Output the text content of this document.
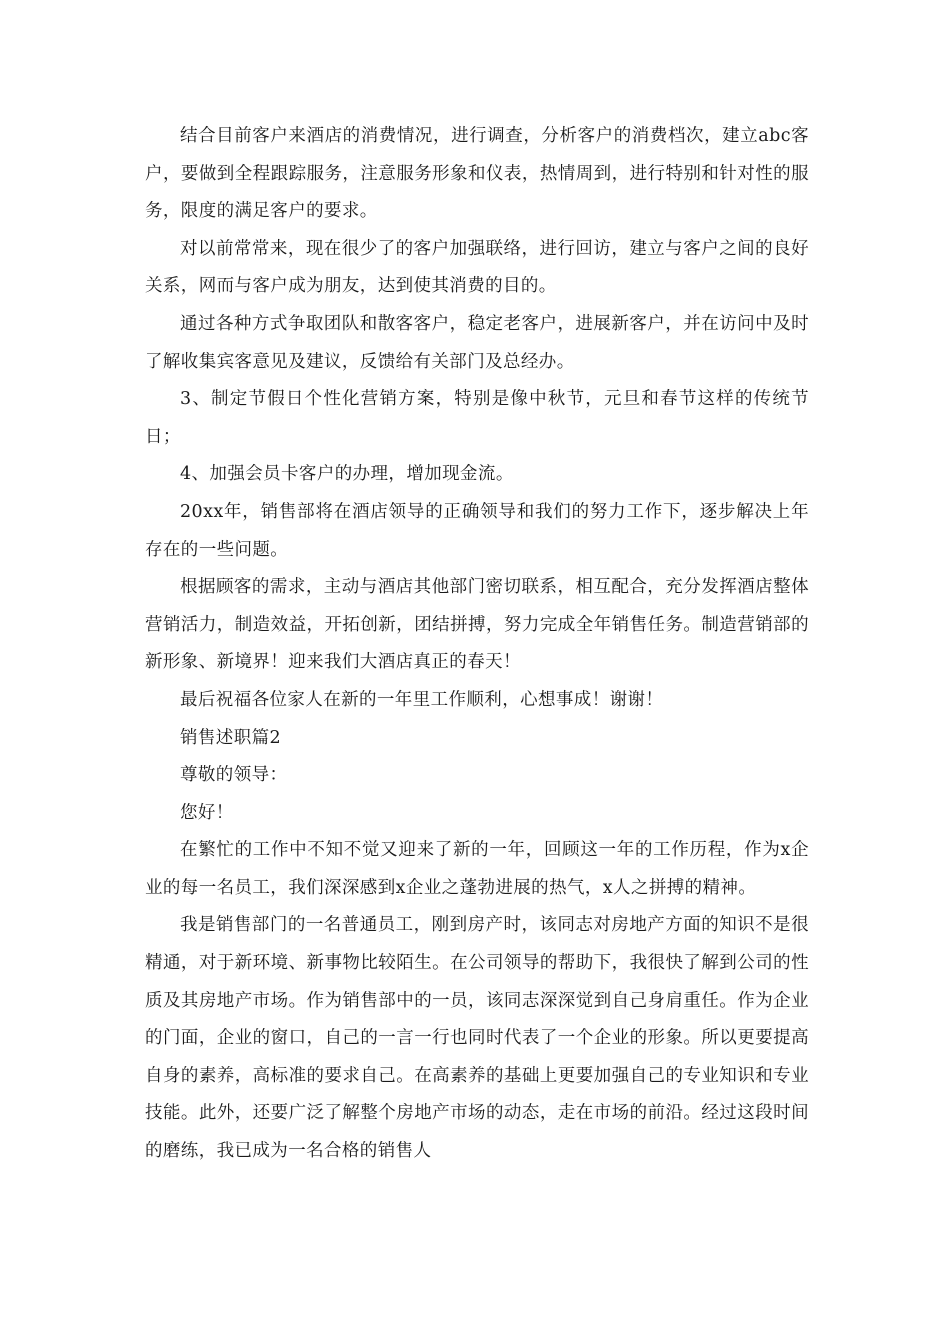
结合目前客户来酒店的消费情况，进行调查，分析客户的消费档次，建立abc客户，要做到全程跟踪服务，注意服务形象和仪表，热情周到，进行特别和针对性的服务，限度的满足客户的要求。

对以前常常来，现在很少了的客户加强联络，进行回访，建立与客户之间的良好关系，网而与客户成为朋友，达到使其消费的目的。

通过各种方式争取团队和散客客户，稳定老客户，进展新客户，并在访问中及时了解收集宾客意见及建议，反馈给有关部门及总经办。

3、制定节假日个性化营销方案，特别是像中秋节，元旦和春节这样的传统节日；

4、加强会员卡客户的办理，增加现金流。

20xx年，销售部将在酒店领导的正确领导和我们的努力工作下，逐步解决上年存在的一些问题。

根据顾客的需求，主动与酒店其他部门密切联系，相互配合，充分发挥酒店整体营销活力，制造效益，开拓创新，团结拼搏，努力完成全年销售任务。制造营销部的新形象、新境界！迎来我们大酒店真正的春天！

最后祝福各位家人在新的一年里工作顺利，心想事成！谢谢！

销售述职篇2

尊敬的领导：

您好！

在繁忙的工作中不知不觉又迎来了新的一年，回顾这一年的工作历程，作为x企业的每一名员工，我们深深感到x企业之蓬勃进展的热气，x人之拼搏的精神。

我是销售部门的一名普通员工，刚到房产时，该同志对房地产方面的知识不是很精通，对于新环境、新事物比较陌生。在公司领导的帮助下，我很快了解到公司的性质及其房地产市场。作为销售部中的一员，该同志深深觉到自己身肩重任。作为企业的门面，企业的窗口，自己的一言一行也同时代表了一个企业的形象。所以更要提高自身的素养，高标准的要求自己。在高素养的基础上更要加强自己的专业知识和专业技能。此外，还要广泛了解整个房地产市场的动态，走在市场的前沿。经过这段时间的磨练，我已成为一名合格的销售人
